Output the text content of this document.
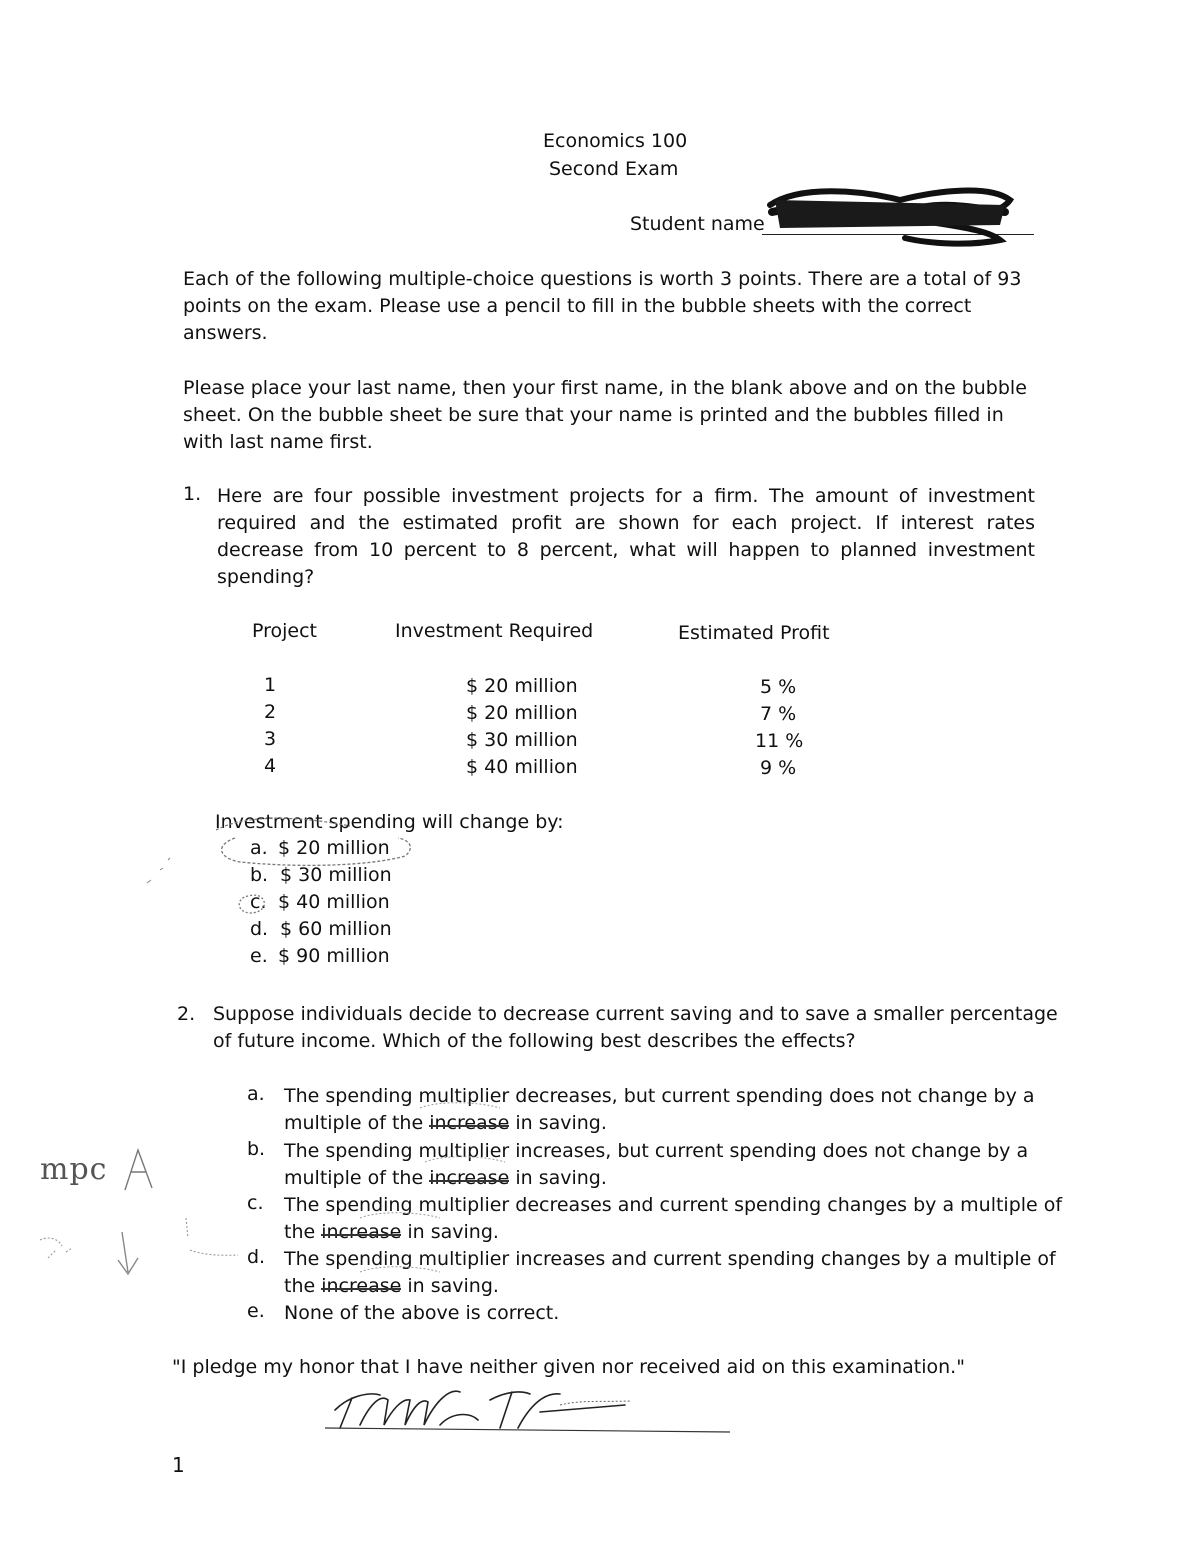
Economics 100
Second Exam
Student name
Each of the following multiple-choice questions is worth 3 points. There are a total of 93 points on the exam. Please use a pencil to fill in the bubble sheets with the correct answers.
Please place your last name, then your first name, in the blank above and on the bubble sheet. On the bubble sheet be sure that your name is printed and the bubbles filled in with last name first.
1. Here are four possible investment projects for a firm. The amount of investment required and the estimated profit are shown for each project. If interest rates decrease from 10 percent to 8 percent, what will happen to planned investment spending?
Project	Investment Required	Estimated Profit
1	$ 20 million	5 %
2	$ 20 million	7 %
3	$ 30 million	11 %
4	$ 40 million	9 %
Investment spending will change by:
a. $ 20 million
b. $ 30 million
c. $ 40 million
d. $ 60 million
e. $ 90 million
2. Suppose individuals decide to decrease current saving and to save a smaller percentage
of future income. Which of the following best describes the effects?
a. The spending multiplier decreases, but current spending does not change by a
multiple of the increase in saving.
b. The spending multiplier increases, but current spending does not change by a
multiple of the increase in saving.
c. The spending multiplier decreases and current spending changes by a multiple of
the increase in saving.
d. The spending multiplier increases and current spending changes by a multiple of
the increase in saving.
e. None of the above is correct.
mpc
"I pledge my honor that I have neither given nor received aid on this examination."
1
